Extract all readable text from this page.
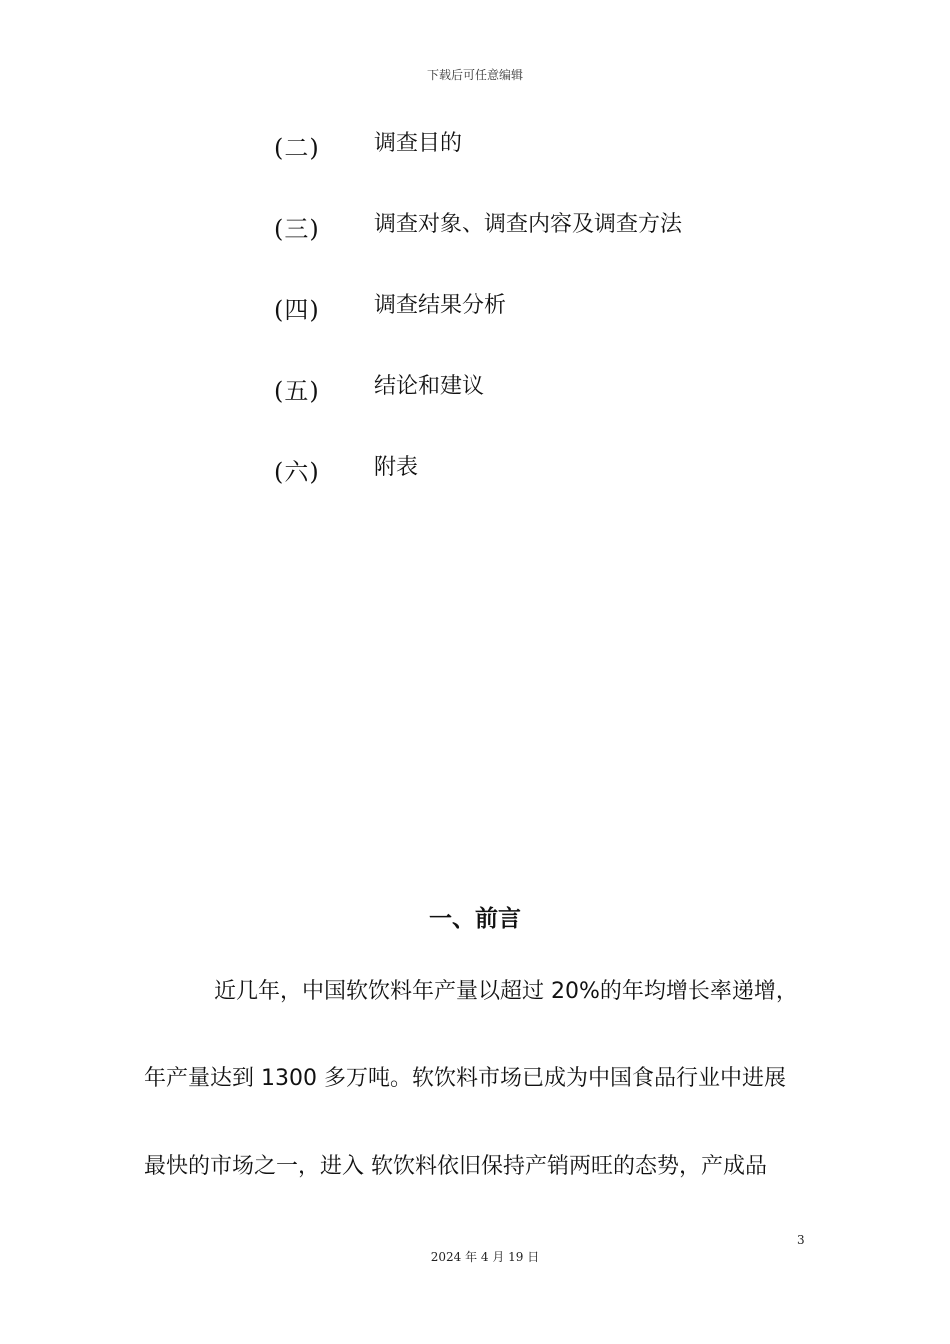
下载后可任意编辑
(二) 调查目的
(三) 调查对象、调查内容及调查方法
(四) 调查结果分析
(五) 结论和建议
(六) 附表
一、前言
近几年，中国软饮料年产量以超过 20%的年均增长率递增，
年产量达到 1300 多万吨。软饮料市场已成为中国食品行业中进展
最快的市场之一，进入 软饮料依旧保持产销两旺的态势，产成品
3
2024 年 4 月 19 日
